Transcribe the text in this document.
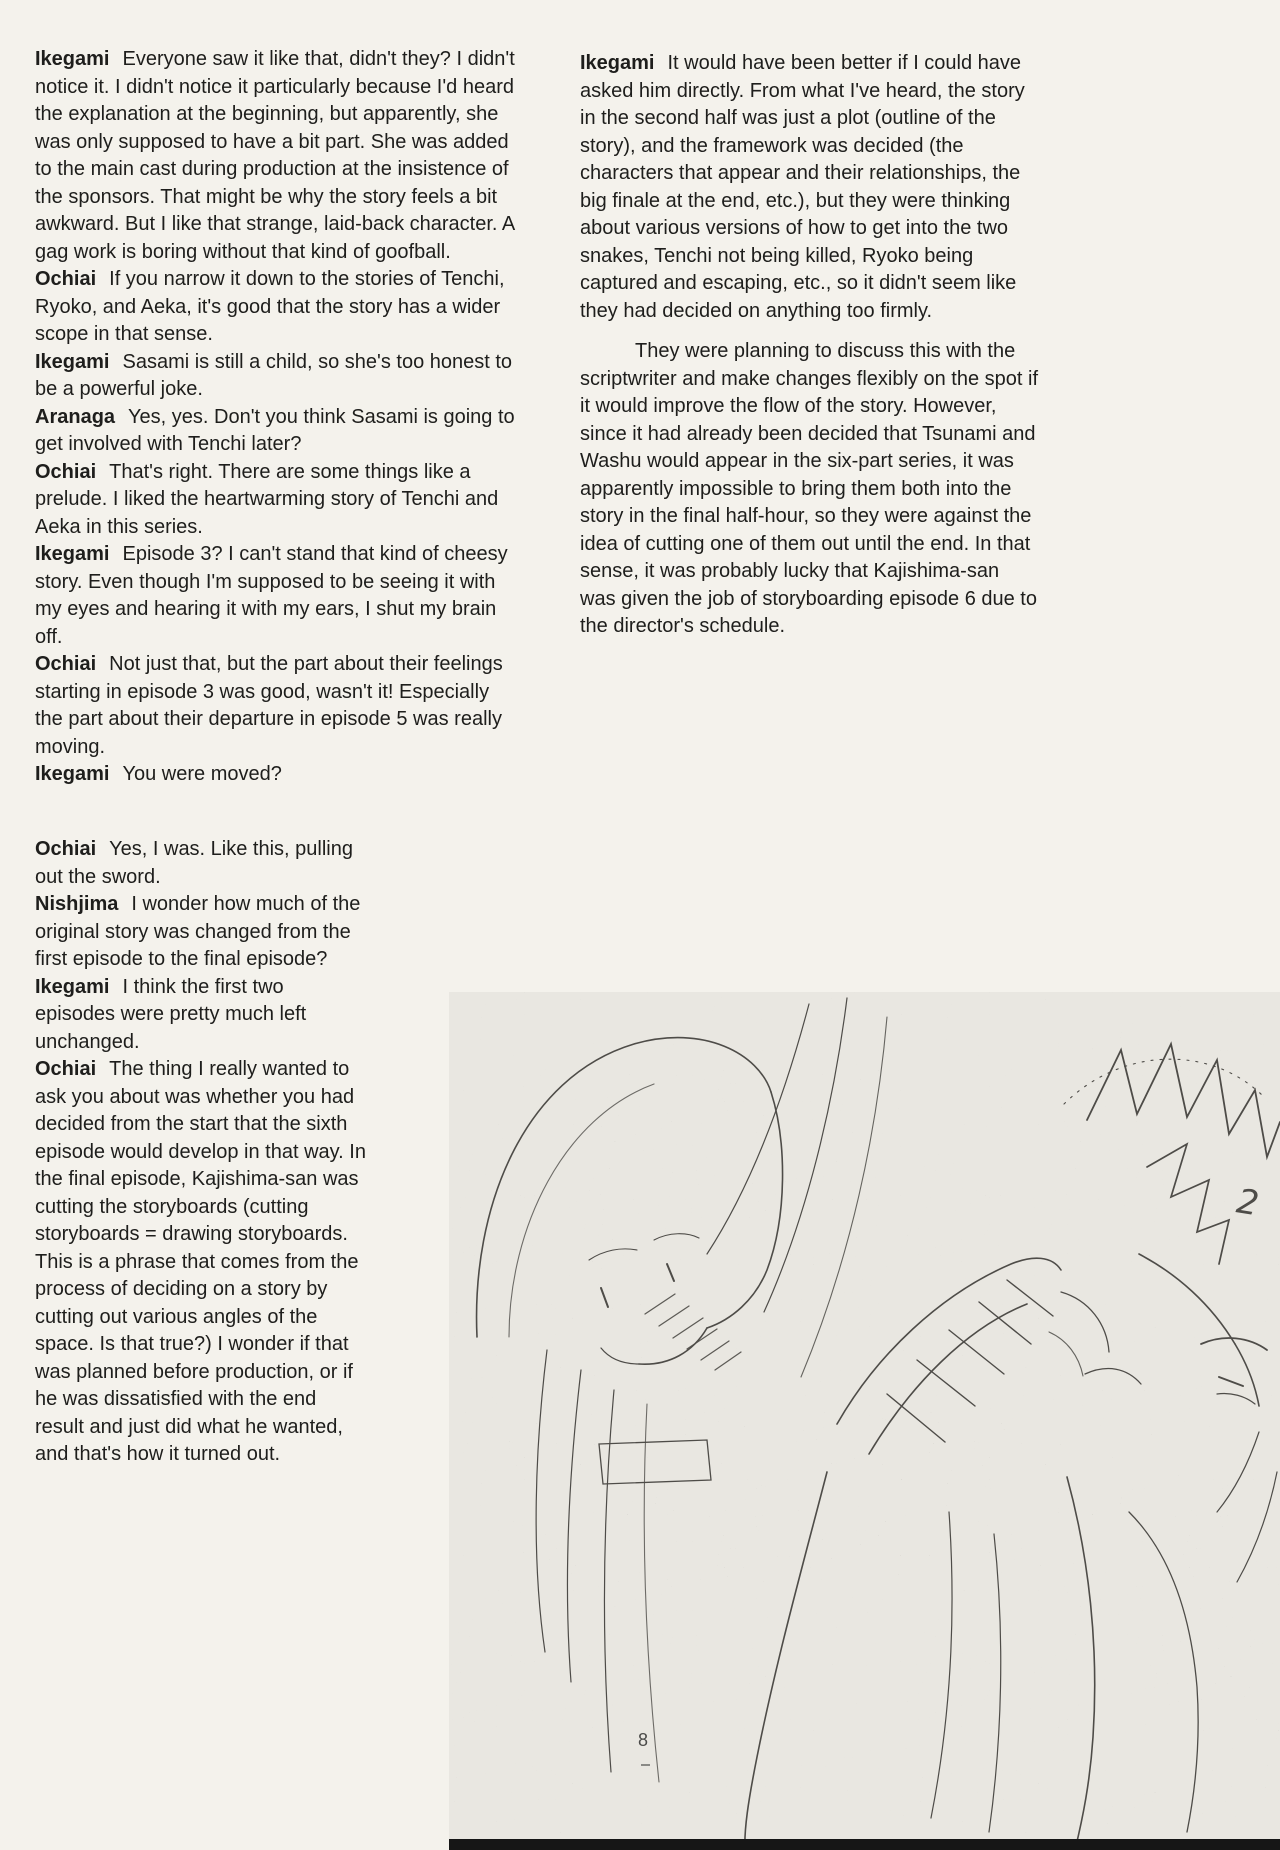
Ikegami Everyone saw it like that, didn't they? I didn't notice it. I didn't notice it particularly because I'd heard the explanation at the beginning, but apparently, she was only supposed to have a bit part. She was added to the main cast during production at the insistence of the sponsors. That might be why the story feels a bit awkward. But I like that strange, laid-back character. A gag work is boring without that kind of goofball.

Ochiai If you narrow it down to the stories of Tenchi, Ryoko, and Aeka, it's good that the story has a wider scope in that sense.

Ikegami Sasami is still a child, so she's too honest to be a powerful joke.

Aranaga Yes, yes. Don't you think Sasami is going to get involved with Tenchi later?

Ochiai That's right. There are some things like a prelude. I liked the heartwarming story of Tenchi and Aeka in this series.

Ikegami Episode 3? I can't stand that kind of cheesy story. Even though I'm supposed to be seeing it with my eyes and hearing it with my ears, I shut my brain off.

Ochiai Not just that, but the part about their feelings starting in episode 3 was good, wasn't it! Especially the part about their departure in episode 5 was really moving.

Ikegami You were moved?

Ochiai Yes, I was. Like this, pulling out the sword.

Nishjima I wonder how much of the original story was changed from the first episode to the final episode?

Ikegami I think the first two episodes were pretty much left unchanged.

Ochiai The thing I really wanted to ask you about was whether you had decided from the start that the sixth episode would develop in that way. In the final episode, Kajishima-san was cutting the storyboards (cutting storyboards = drawing storyboards. This is a phrase that comes from the process of deciding on a story by cutting out various angles of the space. Is that true?) I wonder if that was planned before production, or if he was dissatisfied with the end result and just did what he wanted, and that's how it turned out.

Ikegami It would have been better if I could have asked him directly. From what I've heard, the story in the second half was just a plot (outline of the story), and the framework was decided (the characters that appear and their relationships, the big finale at the end, etc.), but they were thinking about various versions of how to get into the two snakes, Tenchi not being killed, Ryoko being captured and escaping, etc., so it didn't seem like they had decided on anything too firmly.

They were planning to discuss this with the scriptwriter and make changes flexibly on the spot if it would improve the flow of the story. However, since it had already been decided that Tsunami and Washu would appear in the six-part series, it was apparently impossible to bring them both into the story in the final half-hour, so they were against the idea of cutting one of them out until the end. In that sense, it was probably lucky that Kajishima-san was given the job of storyboarding episode 6 due to the director's schedule.

2
8
